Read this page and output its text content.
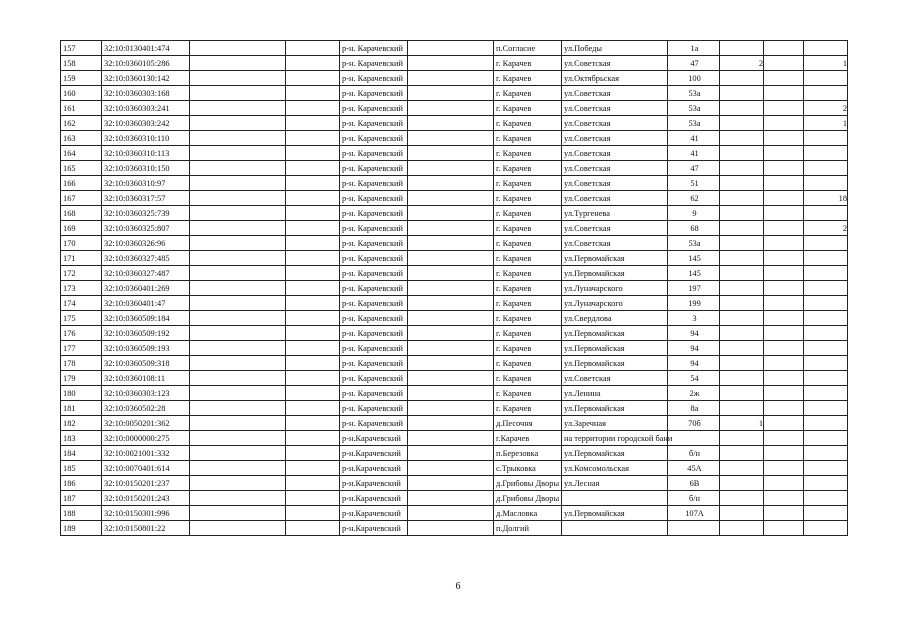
157	32:10:0130401:474			р-н. Карачевский		п.Согласие	ул.Победы	1а			
158	32:10:0360105:286			р-н. Карачевский		г. Карачев	ул.Советская	47	2		1
159	32:10:0360130:142			р-н. Карачевский		г. Карачев	ул.Октябрьская	100			
160	32:10:0360303:168			р-н. Карачевский		г. Карачев	ул.Советская	53а			
161	32:10:0360303:241			р-н. Карачевский		г. Карачев	ул.Советская	53а			2
162	32:10:0360303:242			р-н. Карачевский		г. Карачев	ул.Советская	53а			1
163	32:10:0360310:110			р-н. Карачевский		г. Карачев	ул.Советская	41			
164	32:10:0360310:113			р-н. Карачевский		г. Карачев	ул.Советская	41			
165	32:10:0360310:150			р-н. Карачевский		г. Карачев	ул.Советская	47			
166	32:10:0360310:97			р-н. Карачевский		г. Карачев	ул.Советская	51			
167	32:10:0360317:57			р-н. Карачевский		г. Карачев	ул.Советская	62			18
168	32:10:0360325:739			р-н. Карачевский		г. Карачев	ул.Тургенева	9			
169	32:10:0360325:807			р-н. Карачевский		г. Карачев	ул.Советская	68			2
170	32:10:0360326:96			р-н. Карачевский		г. Карачев	ул.Советская	53а			
171	32:10:0360327:485			р-н. Карачевский		г. Карачев	ул.Первомайская	145			
172	32:10:0360327:487			р-н. Карачевский		г. Карачев	ул.Первомайская	145			
173	32:10:0360401:269			р-н. Карачевский		г. Карачев	ул.Луначарского	197			
174	32:10:0360401:47			р-н. Карачевский		г. Карачев	ул.Луначарского	199			
175	32:10:0360509:184			р-н. Карачевский		г. Карачев	ул.Свердлова	3			
176	32:10:0360509:192			р-н. Карачевский		г. Карачев	ул.Первомайская	94			
177	32:10:0360509:193			р-н. Карачевский		г. Карачев	ул.Первомайская	94			
178	32:10:0360509:318			р-н. Карачевский		г. Карачев	ул.Первомайская	94			
179	32:10:0360108:11			р-н. Карачевский		г. Карачев	ул.Советская	54			
180	32:10:0360303:123			р-н. Карачевский		г. Карачев	ул.Ленина	2ж			
181	32:10:0360502:28			р-н. Карачевский		г. Карачев	ул.Первомайская	8а			
182	32:10:0050201:362			р-н. Карачевский		д.Песочня	ул.Заречная	70б	1		
183	32:10:0000000:275			р-н.Карачевский		г.Карачев	на территории городской бани				
184	32:10:0021001:332			р-н.Карачевский		п.Березовка	ул.Первомайская	б/н			
185	32:10:0070401:614			р-н.Карачевский		с.Трыковка	ул.Комсомольская	45А			
186	32:10:0150201:237			р-н.Карачевский		д.Грибовы Дворы	ул.Лесная	6В			
187	32:10:0150201:243			р-н.Карачевский		д.Грибовы Дворы		б/н			
188	32:10:0150301:996			р-н.Карачевский		д.Масловка	ул.Первомайская	107А			
189	32:10:0150801:22			р-н.Карачевский		п.Долгий					
6
